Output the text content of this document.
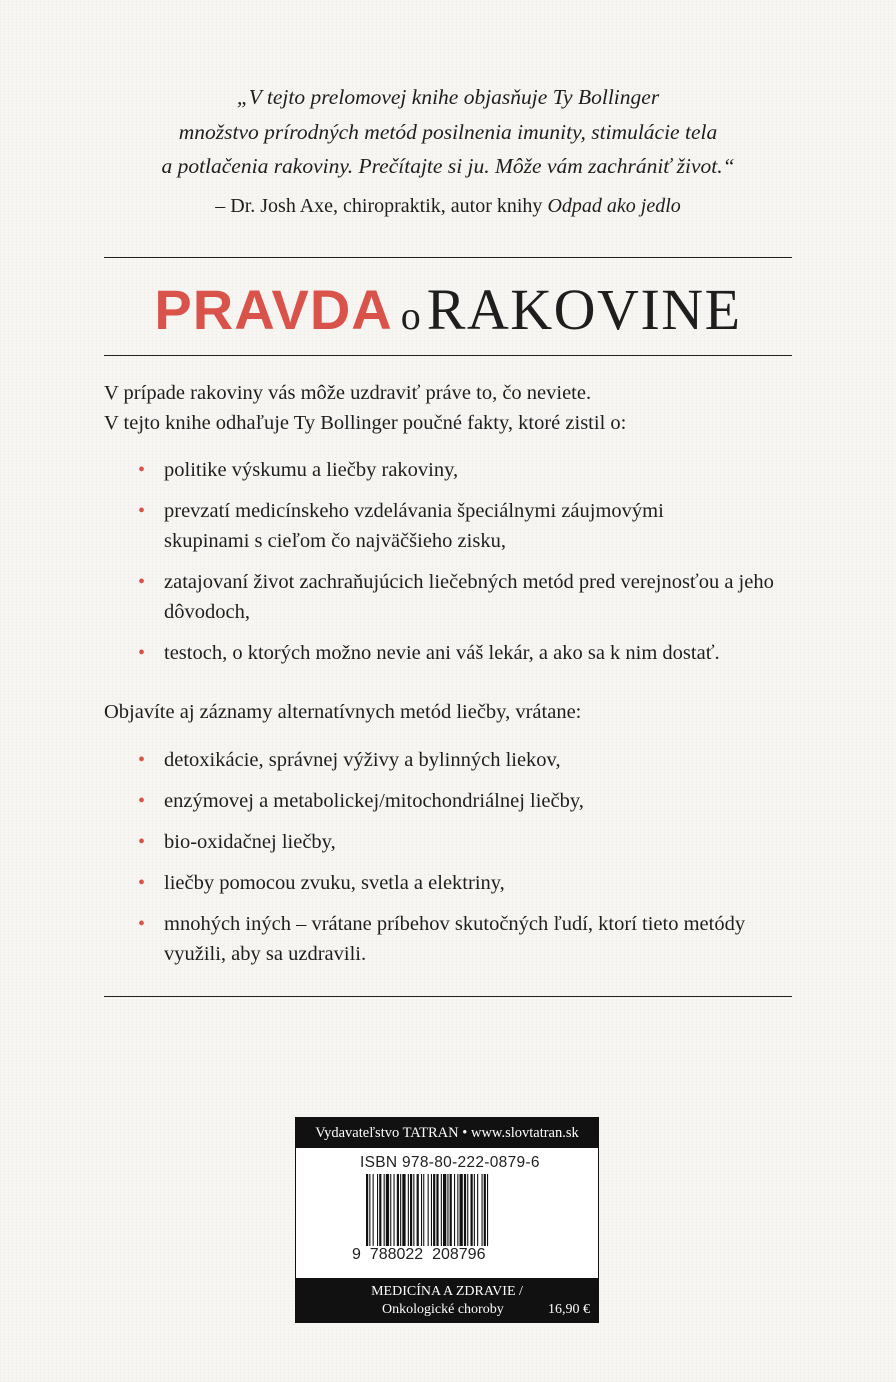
„V tejto prelomovej knihe objasňuje Ty Bollinger

množstvo prírodných metód posilnenia imunity, stimulácie tela

a potlačenia rakoviny. Prečítajte si ju. Môže vám zachrániť život.“

– Dr. Josh Axe, chiropraktik, autor knihy Odpad ako jedlo
PRAVDA o RAKOVINE

V prípade rakoviny vás môže uzdraviť práve to, čo neviete.

V tejto knihe odhaľuje Ty Bollinger poučné fakty, ktoré zistil o:

• politike výskumu a liečby rakoviny,
• prevzatí medicínskeho vzdelávania špeciálnymi záujmovými skupinami s cieľom čo najväčšieho zisku,
• zatajovaní život zachraňujúcich liečebných metód pred verejnosťou a jeho dôvodoch,
• testoch, o ktorých možno nevie ani váš lekár, a ako sa k nim dostať.

Objavíte aj záznamy alternatívnych metód liečby, vrátane:

• detoxikácie, správnej výživy a bylinných liekov,
• enzýmovej a metabolickej/mitochondriálnej liečby,
• bio-oxidačnej liečby,
• liečby pomocou zvuku, svetla a elektriny,
• mnohých iných – vrátane príbehov skutočných ľudí, ktorí tieto metódy využili, aby sa uzdravili.
Vydavateľstvo TATRAN • www.slovtatran.sk
ISBN 978-80-222-0879-6
9  788022  208796
MEDICÍNA A ZDRAVIE /
Onkologické choroby	16,90 €
